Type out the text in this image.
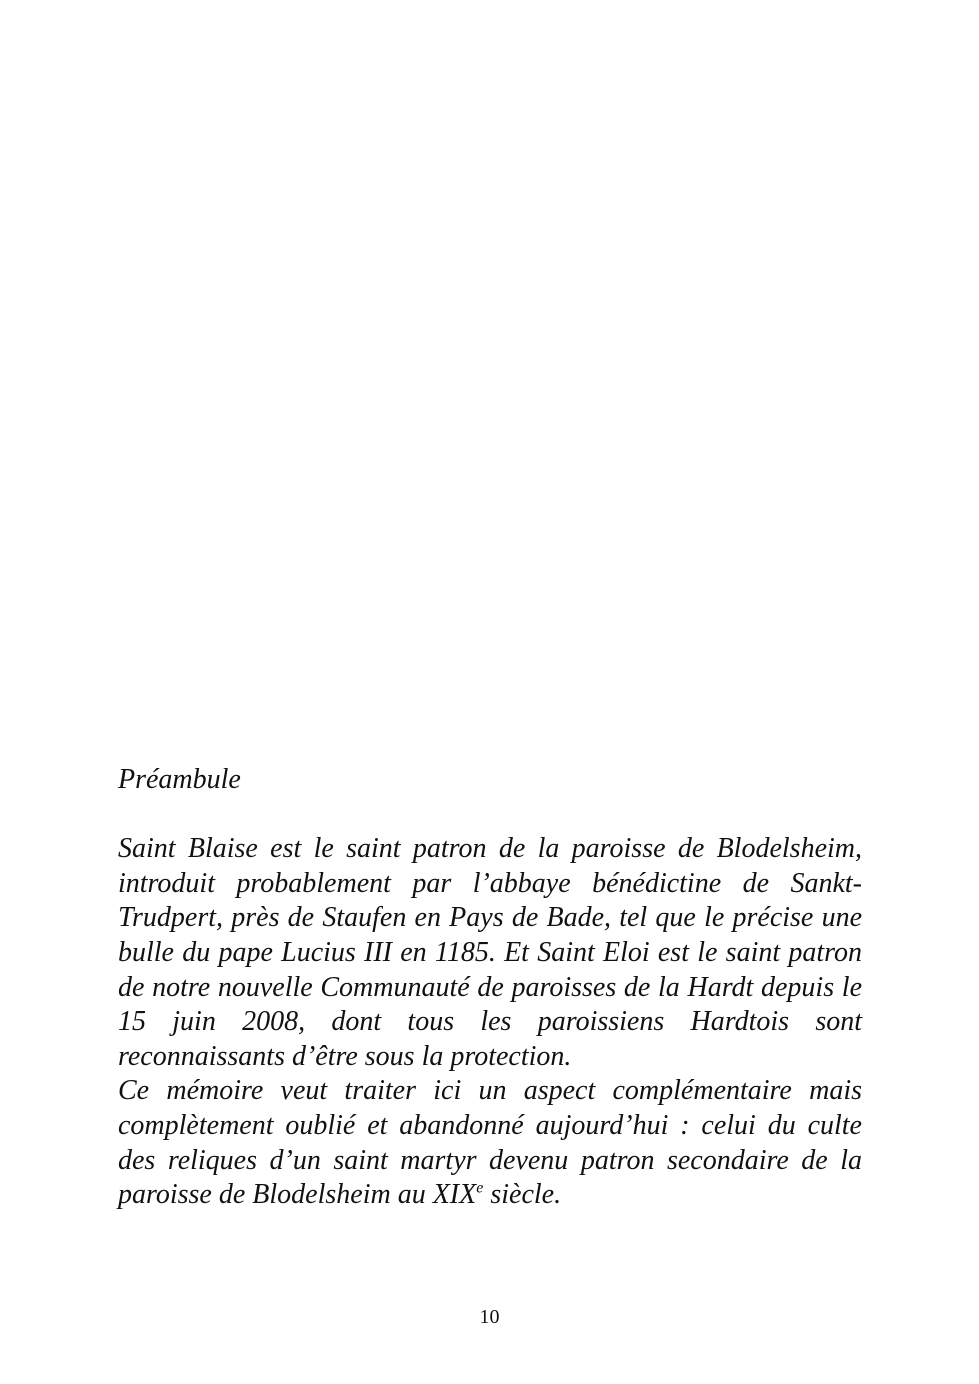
Préambule

Saint Blaise est le saint patron de la paroisse de Blodelsheim, introduit probablement par l’abbaye bénédictine de Sankt-Trudpert, près de Staufen en Pays de Bade, tel que le précise une bulle du pape Lucius III en 1185. Et Saint Eloi est le saint patron de notre nouvelle Communauté de paroisses de la Hardt depuis le 15 juin 2008, dont tous les paroissiens Hardtois sont reconnaissants d’être sous la protection.

Ce mémoire veut traiter ici un aspect complémentaire mais complètement oublié et abandonné aujourd’hui : celui du culte des reliques d’un saint martyr devenu patron secondaire de la paroisse de Blodelsheim au XIXe siècle.

10
